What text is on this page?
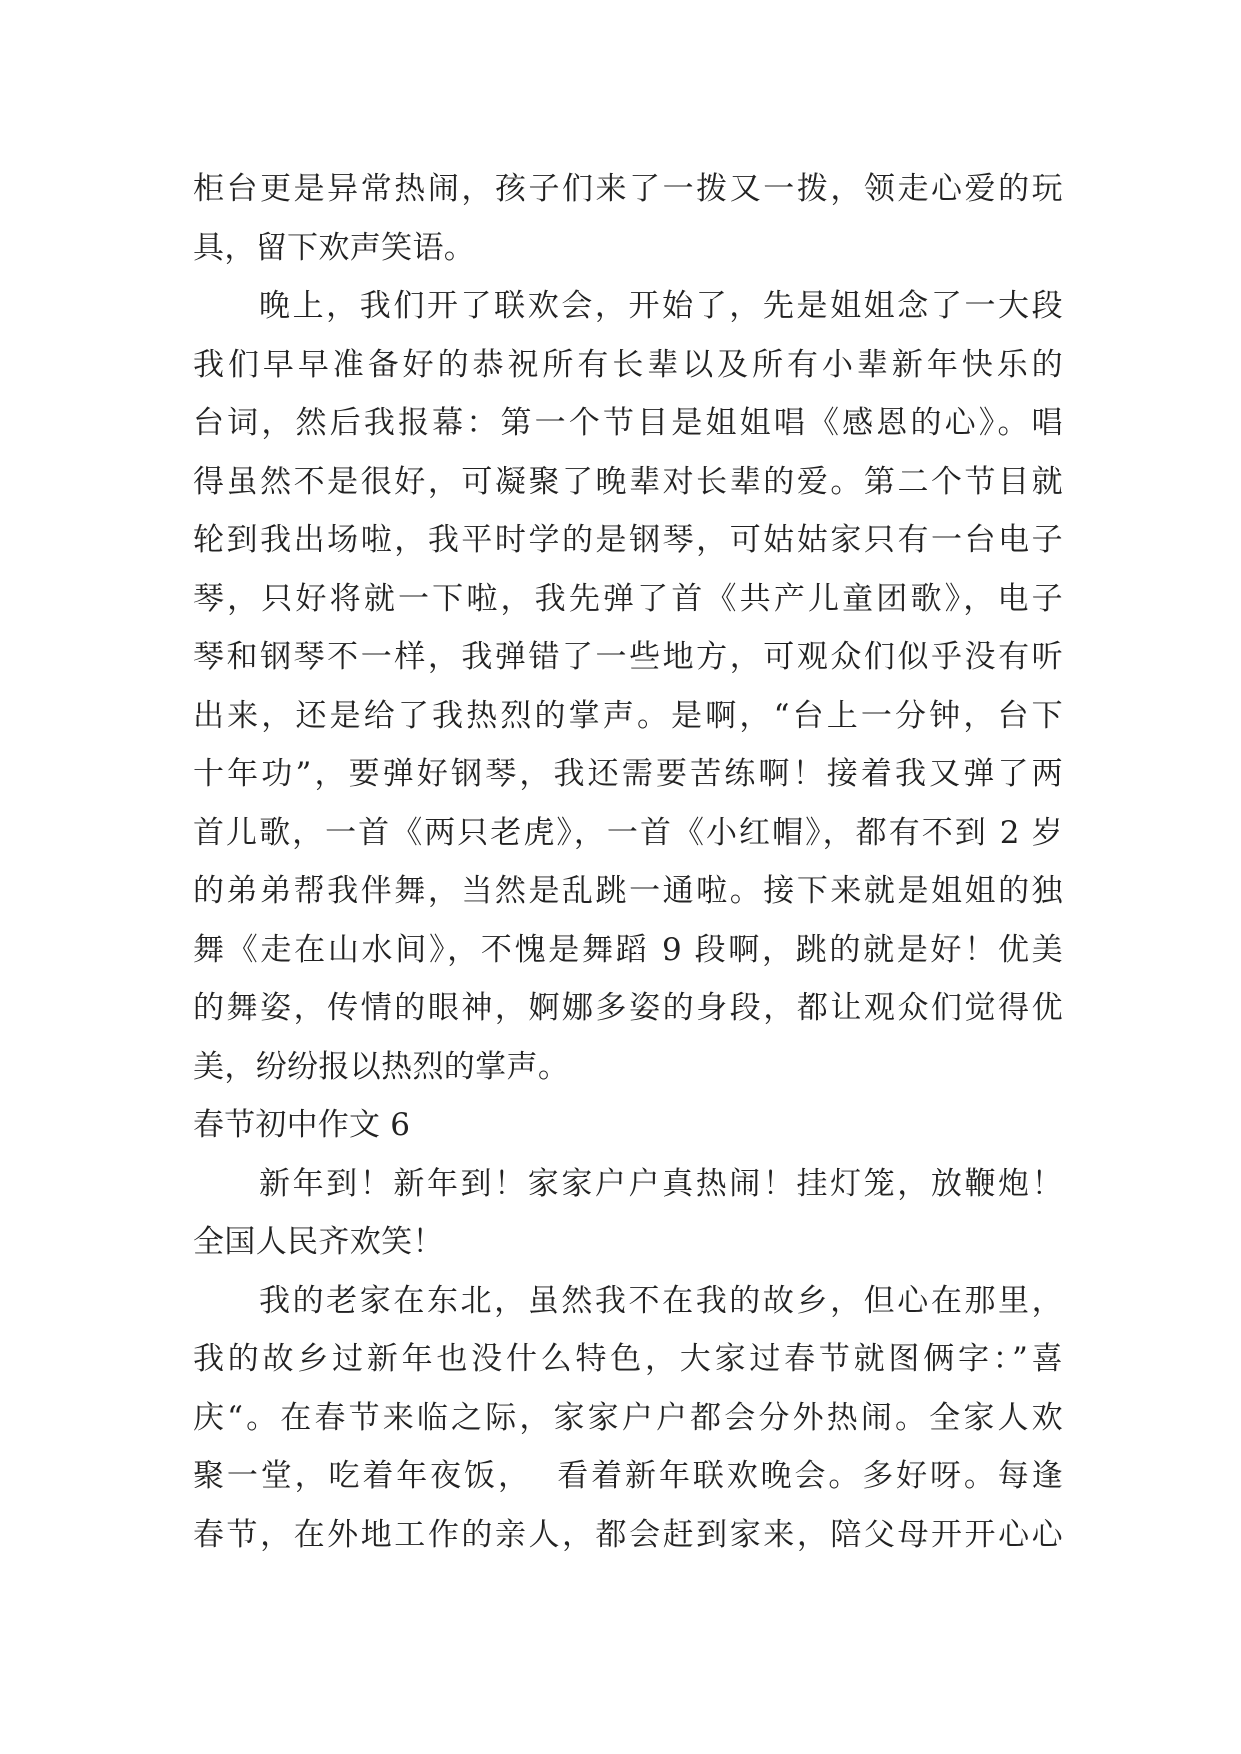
柜台更是异常热闹，孩子们来了一拨又一拨，领走心爱的玩
具，留下欢声笑语。
晚上，我们开了联欢会，开始了，先是姐姐念了一大段
我们早早准备好的恭祝所有长辈以及所有小辈新年快乐的
台词，然后我报幕：第一个节目是姐姐唱《感恩的心》。唱
得虽然不是很好，可凝聚了晚辈对长辈的爱。第二个节目就
轮到我出场啦，我平时学的是钢琴，可姑姑家只有一台电子
琴，只好将就一下啦，我先弹了首《共产儿童团歌》，电子
琴和钢琴不一样，我弹错了一些地方，可观众们似乎没有听
出来，还是给了我热烈的掌声。是啊，“台上一分钟，台下
十年功”，要弹好钢琴，我还需要苦练啊！接着我又弹了两
首儿歌，一首《两只老虎》，一首《小红帽》，都有不到 2 岁
的弟弟帮我伴舞，当然是乱跳一通啦。接下来就是姐姐的独
舞《走在山水间》，不愧是舞蹈 9 段啊，跳的就是好！优美
的舞姿，传情的眼神，婀娜多姿的身段，都让观众们觉得优
美，纷纷报以热烈的掌声。
春节初中作文 6
新年到！新年到！家家户户真热闹！挂灯笼，放鞭炮！
全国人民齐欢笑！
我的老家在东北，虽然我不在我的故乡，但心在那里，
我的故乡过新年也没什么特色，大家过春节就图俩字：”喜
庆“。在春节来临之际，家家户户都会分外热闹。全家人欢
聚一堂，吃着年夜饭，  看着新年联欢晚会。多好呀。每逢
春节，在外地工作的亲人，都会赶到家来，陪父母开开心心
